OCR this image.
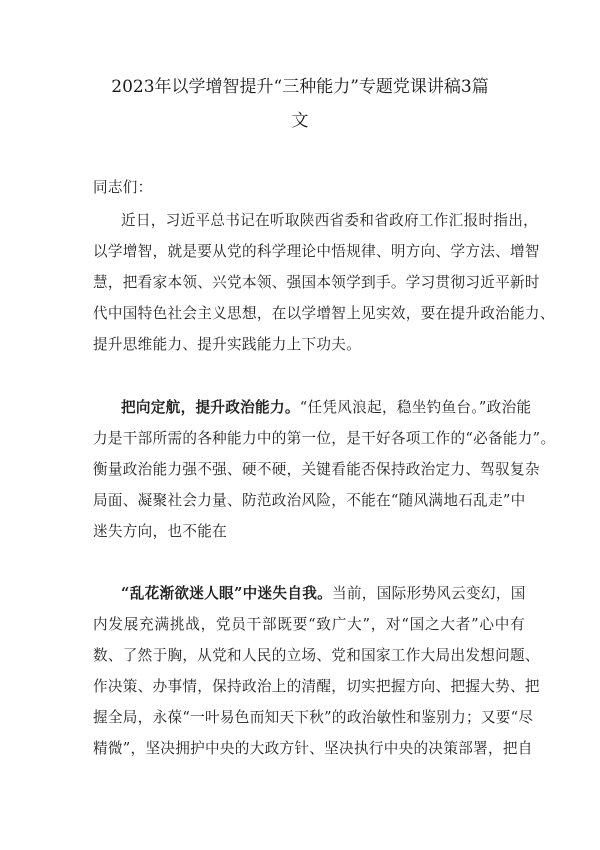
2023年以学增智提升“三种能力”专题党课讲稿3篇
文
同志们：
近日，习近平总书记在听取陕西省委和省政府工作汇报时指出，
以学增智，就是要从党的科学理论中悟规律、明方向、学方法、增智
慧，把看家本领、兴党本领、强国本领学到手。学习贯彻习近平新时
代中国特色社会主义思想，在以学增智上见实效，要在提升政治能力、
提升思维能力、提升实践能力上下功夫。
把向定航，提升政治能力。“任凭风浪起，稳坐钓鱼台。”政治能
力是干部所需的各种能力中的第一位，是干好各项工作的“必备能力”。
衡量政治能力强不强、硬不硬，关键看能否保持政治定力、驾驭复杂
局面、凝聚社会力量、防范政治风险，不能在“随风满地石乱走”中
迷失方向，也不能在
“乱花渐欲迷人眼”中迷失自我。当前，国际形势风云变幻，国
内发展充满挑战，党员干部既要“致广大”，对“国之大者”心中有
数、了然于胸，从党和人民的立场、党和国家工作大局出发想问题、
作决策、办事情，保持政治上的清醒，切实把握方向、把握大势、把
握全局，永葆“一叶易色而知天下秋”的政治敏性和鉴别力；又要“尽
精微”，坚决拥护中央的大政方针、坚决执行中央的决策部署，把自
